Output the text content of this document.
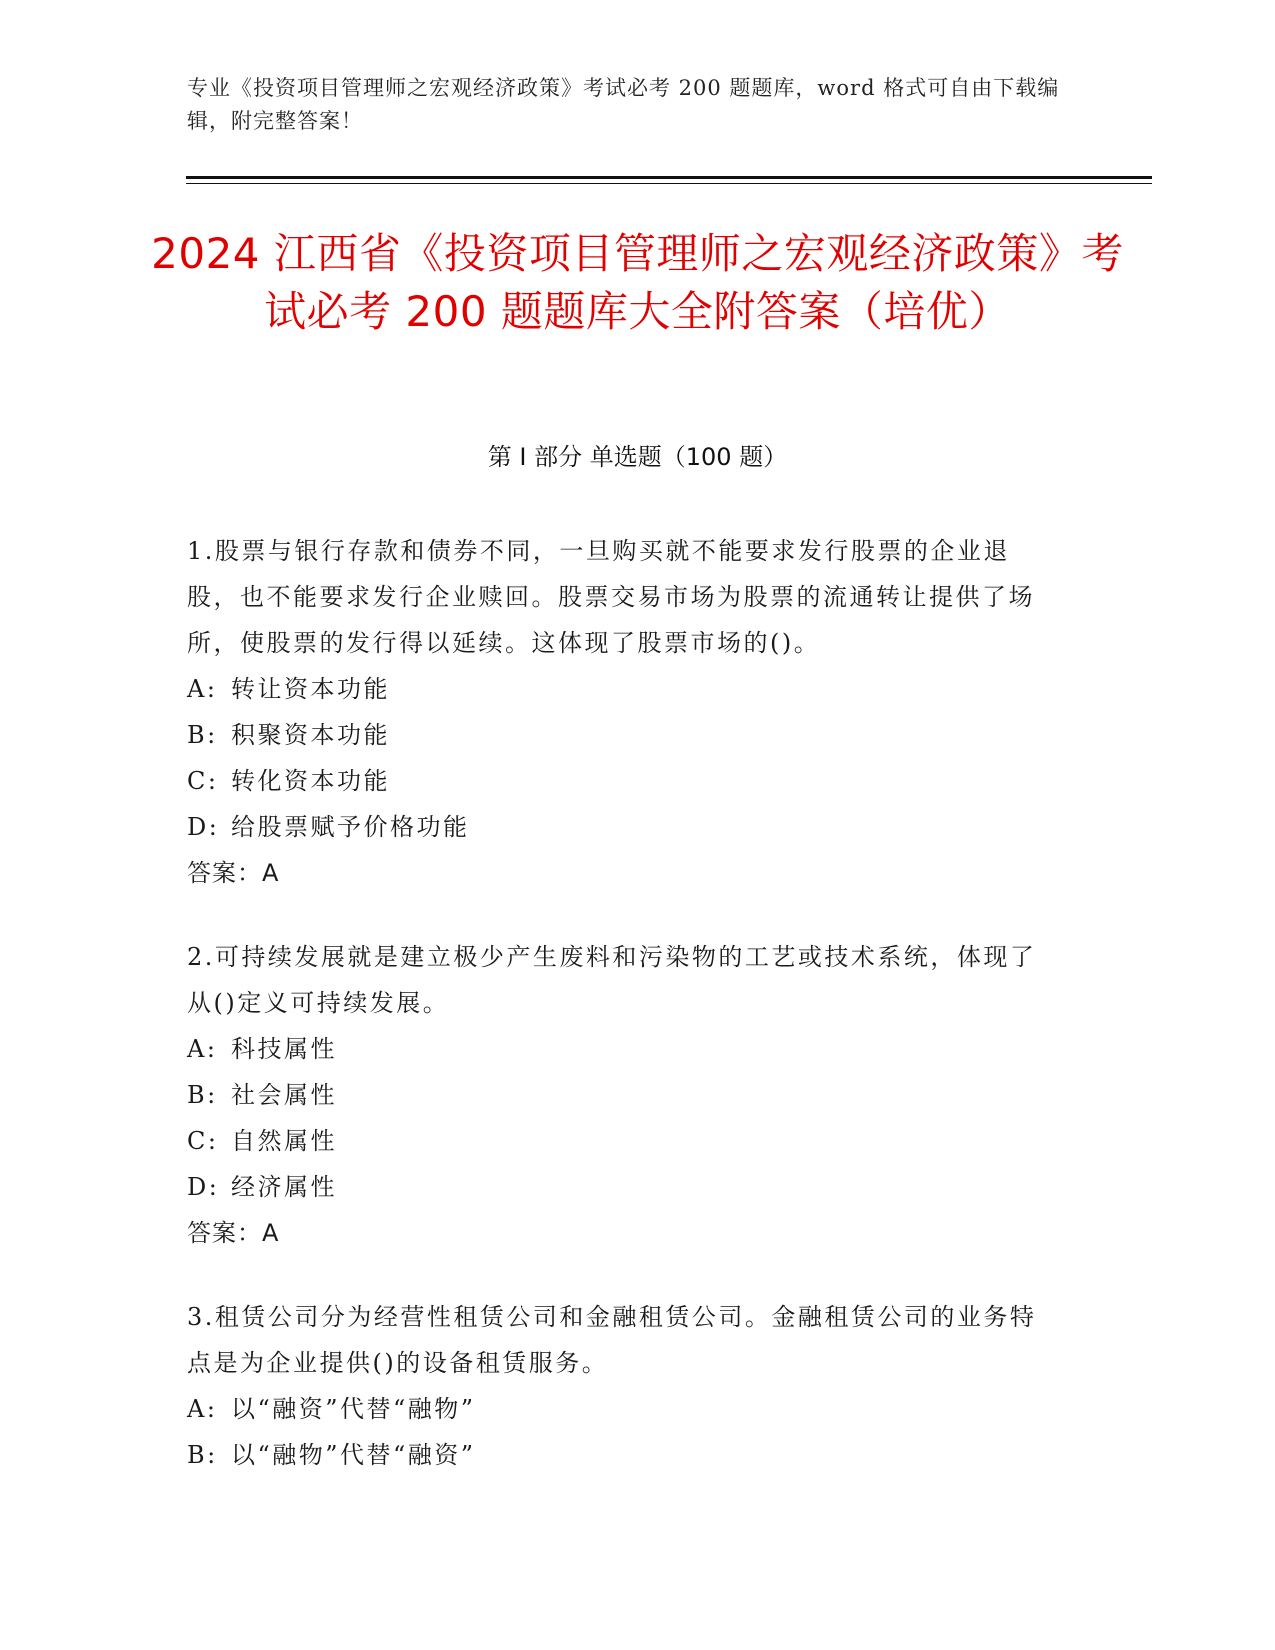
专业《投资项目管理师之宏观经济政策》考试必考 200 题题库，word 格式可自由下载编辑，附完整答案！
2024 江西省《投资项目管理师之宏观经济政策》考试必考 200 题题库大全附答案（培优）
第 I 部分 单选题（100 题）

1.股票与银行存款和债券不同，一旦购买就不能要求发行股票的企业退股，也不能要求发行企业赎回。股票交易市场为股票的流通转让提供了场所，使股票的发行得以延续。这体现了股票市场的()。

A: 转让资本功能

B: 积聚资本功能

C: 转化资本功能

D: 给股票赋予价格功能

答案：A

2.可持续发展就是建立极少产生废料和污染物的工艺或技术系统，体现了从()定义可持续发展。

A: 科技属性

B: 社会属性

C: 自然属性

D: 经济属性

答案：A

3.租赁公司分为经营性租赁公司和金融租赁公司。金融租赁公司的业务特点是为企业提供()的设备租赁服务。

A: 以“融资”代替“融物”

B: 以“融物”代替“融资”
